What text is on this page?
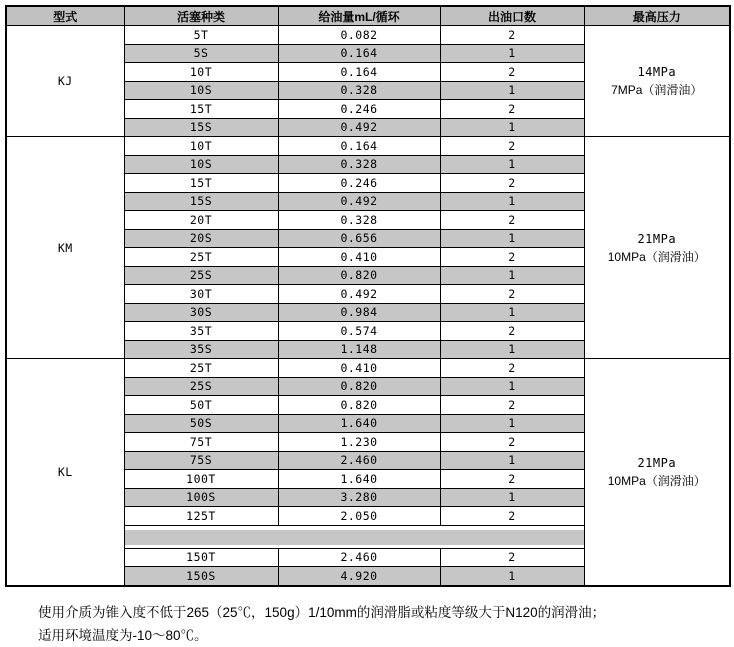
型式	活塞种类	给油量mL/循环	出油口数	最高压力
KJ	5T	0.082	2	14MPa
7MPa（润滑油）

	5S	0.164	1	
	10T	0.164	2	
	10S	0.328	1	
	15T	0.246	2	
	15S	0.492	1	
KM	10T	0.164	2	21MPa
10MPa（润滑油）

	10S	0.328	1	
	15T	0.246	2	
	15S	0.492	1	
	20T	0.328	2	
	20S	0.656	1	
	25T	0.410	2	
	25S	0.820	1	
	30T	0.492	2	
	30S	0.984	1	
	35T	0.574	2	
	35S	1.148	1	
KL	25T	0.410	2	21MPa
10MPa（润滑油）

	25S	0.820	1	
	50T	0.820	2	
	50S	1.640	1	
	75T	1.230	2	
	75S	2.460	1	
	100T	1.640	2	
	100S	3.280	1	
	125T	2.050	2	

	150T	2.460	2	
	150S	4.920	1	
使用介质为锥入度不低于265（25℃，150g）1/10mm的润滑脂或粘度等级大于N120的润滑油；
适用环境温度为-10～80℃。
